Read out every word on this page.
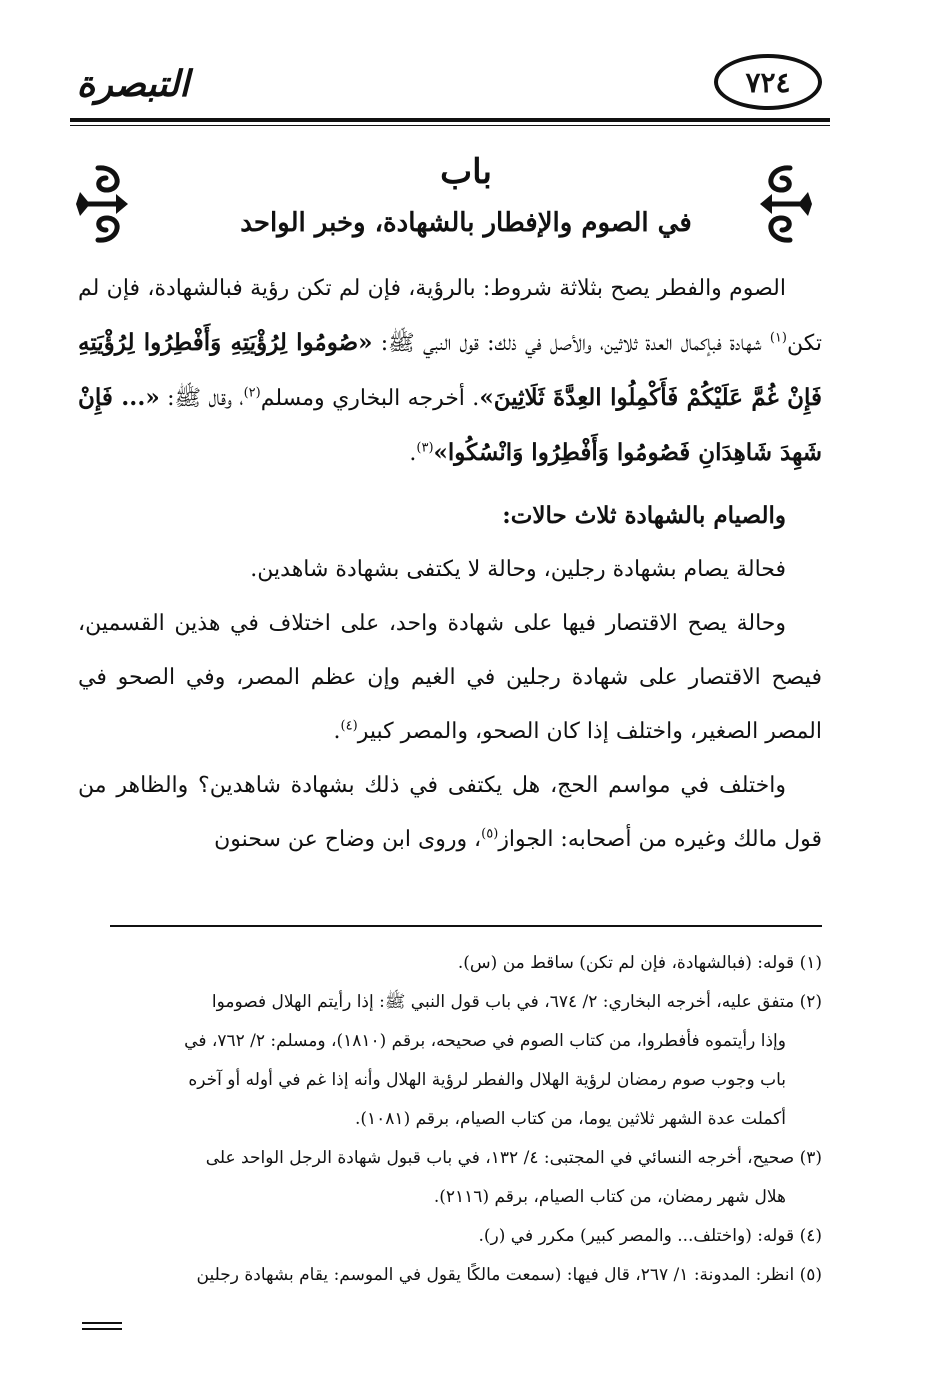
٧٢٤
التبصرة
باب
في الصوم والإفطار بالشهادة، وخبر الواحد

الصوم والفطر يصح بثلاثة شروط: بالرؤية، فإن لم تكن رؤية فبالشهادة، فإن لم تكن$^{(١)}$ شهادة فبإكمال العدة ثلاثين، والأصل في ذلك: قول النبي ﷺ: «صُومُوا لِرُؤْيَتِهِ وَأَفْطِرُوا لِرُؤْيَتِهِ فَإِنْ غُمَّ عَلَيْكُمْ فَأَكْمِلُوا العِدَّةَ ثَلَاثِينَ». أخرجه البخاري ومسلم$^{(٢)}$، وقال ﷺ: «... فَإِنْ شَهِدَ شَاهِدَانِ فَصُومُوا وَأَفْطِرُوا وَانْسُكُوا»$^{(٣)}$.

والصيام بالشهادة ثلاث حالات:

فحالة يصام بشهادة رجلين، وحالة لا يكتفى بشهادة شاهدين.

وحالة يصح الاقتصار فيها على شهادة واحد، على اختلاف في هذين القسمين، فيصح الاقتصار على شهادة رجلين في الغيم وإن عظم المصر، وفي الصحو في المصر الصغير، واختلف إذا كان الصحو، والمصر كبير$^{(٤)}$.

واختلف في مواسم الحج، هل يكتفى في ذلك بشهادة شاهدين؟ والظاهر من قول مالك وغيره من أصحابه: الجواز$^{(٥)}$، وروى ابن وضاح عن سحنون

(١) قوله: (فبالشهادة، فإن لم تكن) ساقط من (س).

(٢) متفق عليه، أخرجه البخاري: ٢/ ٦٧٤، في باب قول النبي ﷺ: إذا رأيتم الهلال فصوموا

وإذا رأيتموه فأفطروا، من كتاب الصوم في صحيحه، برقم (١٨١٠)، ومسلم: ٢/ ٧٦٢، في

باب وجوب صوم رمضان لرؤية الهلال والفطر لرؤية الهلال وأنه إذا غم في أوله أو آخره

أكملت عدة الشهر ثلاثين يوما، من كتاب الصيام، برقم (١٠٨١).

(٣) صحيح، أخرجه النسائي في المجتبى: ٤/ ١٣٢، في باب قبول شهادة الرجل الواحد على

هلال شهر رمضان، من كتاب الصيام، برقم (٢١١٦).

(٤) قوله: (واختلف... والمصر كبير) مكرر في (ر).

(٥) انظر: المدونة: ١/ ٢٦٧، قال فيها: (سمعت مالكًا يقول في الموسم: يقام بشهادة رجلين
